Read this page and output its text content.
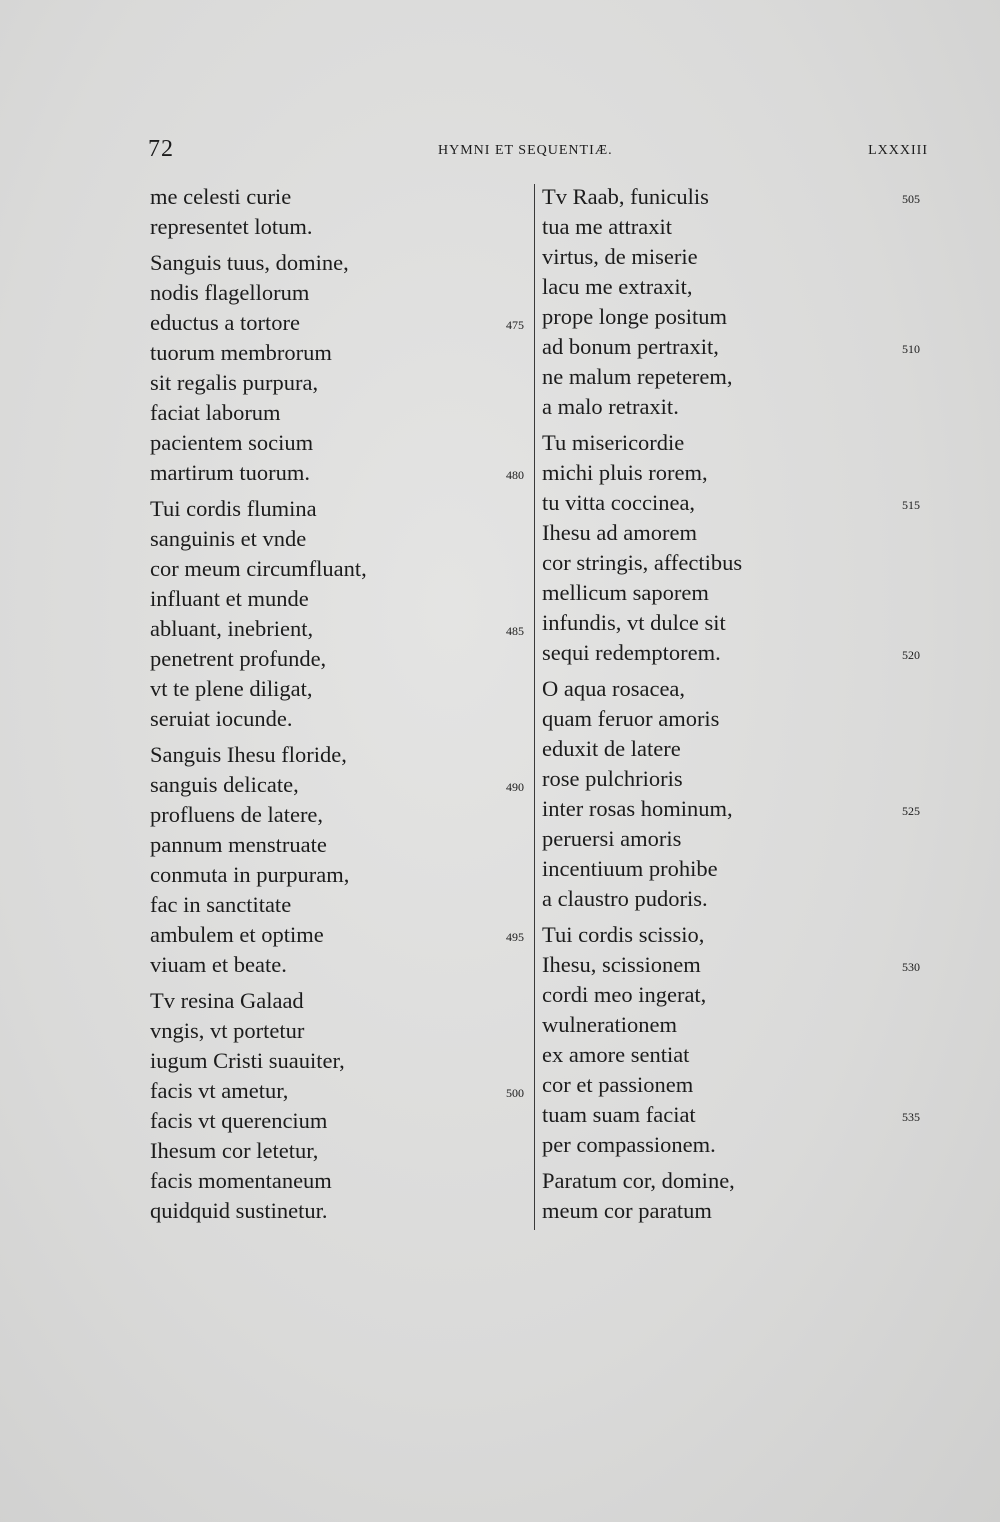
72	HYMNI ET SEQUENTIÆ.	LXXXIII
me celesti curie
representet lotum.
Sanguis tuus, domine,
nodis flagellorum
eductus a tortore	475
tuorum membrorum
sit regalis purpura,
faciat laborum
pacientem socium
martirum tuorum.	480
Tui cordis flumina
sanguinis et vnde
cor meum circumfluant,
influant et munde
abluant, inebrient,	485
penetrent profunde,
vt te plene diligat,
seruiat iocunde.
Sanguis Ihesu floride,
sanguis delicate,	490
profluens de latere,
pannum menstruate
conmuta in purpuram,
fac in sanctitate
ambulem et optime	495
viuam et beate.
Tv resina Galaad
vngis, vt portetur
iugum Cristi suauiter,
facis vt ametur,	500
facis vt querencium
Ihesum cor letetur,
facis momentaneum
quidquid sustinetur.
Tv Raab, funiculis	505
tua me attraxit
virtus, de miserie
lacu me extraxit,
prope longe positum
ad bonum pertraxit,	510
ne malum repeterem,
a malo retraxit.
Tu misericordie
michi pluis rorem,
tu vitta coccinea,	515
Ihesu ad amorem
cor stringis, affectibus
mellicum saporem
infundis, vt dulce sit
sequi redemptorem.	520
O aqua rosacea,
quam feruor amoris
eduxit de latere
rose pulchrioris
inter rosas hominum,	525
peruersi amoris
incentiuum prohibe
a claustro pudoris.
Tui cordis scissio,
Ihesu, scissionem	530
cordi meo ingerat,
wulnerationem
ex amore sentiat
cor et passionem
tuam suam faciat	535
per compassionem.
Paratum cor, domine,
meum cor paratum
